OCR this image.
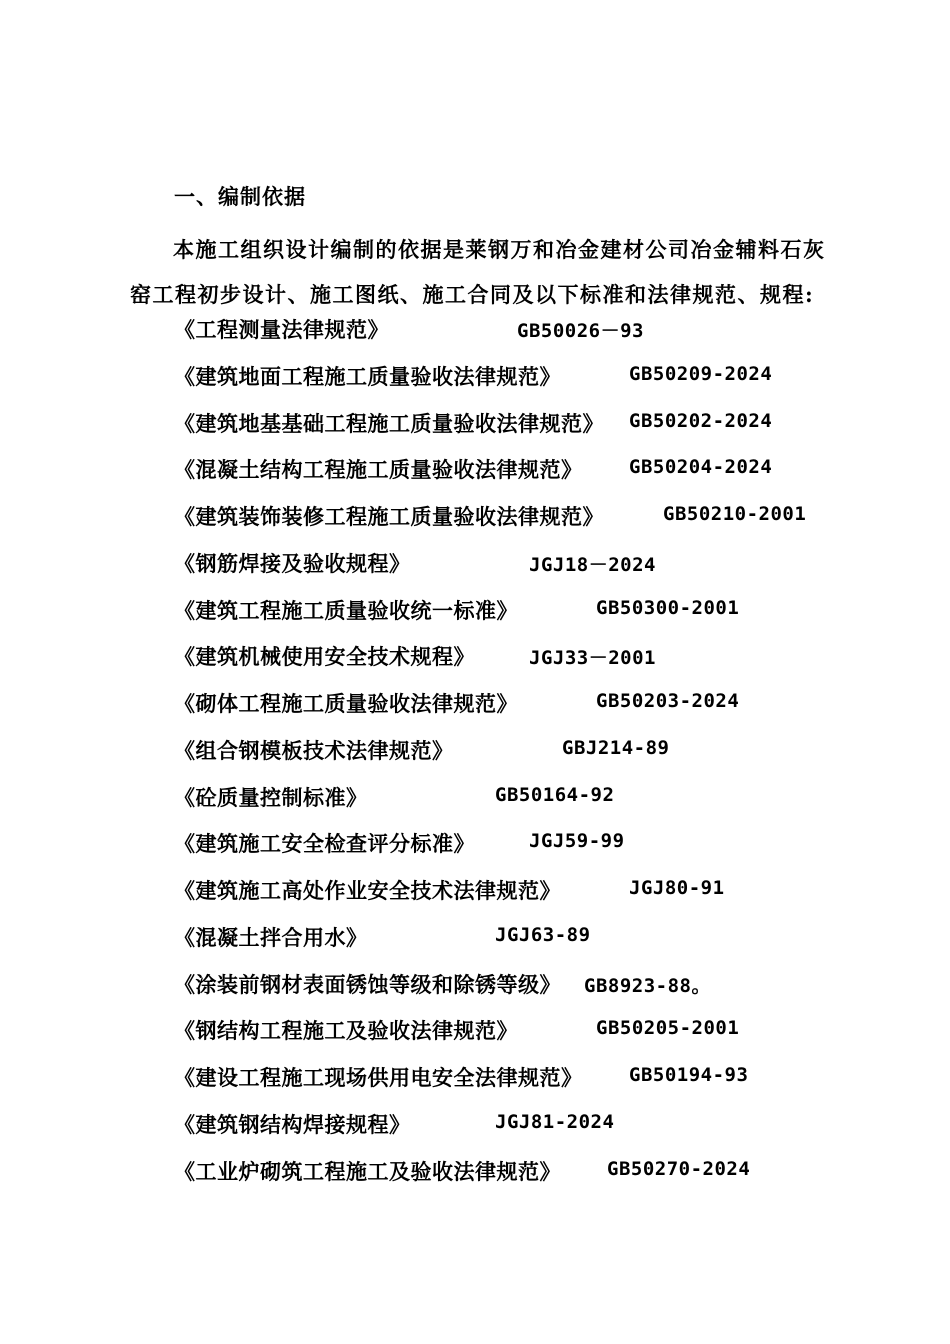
一、编制依据
本施工组织设计编制的依据是莱钢万和冶金建材公司冶金辅料石灰
窑工程初步设计、施工图纸、施工合同及以下标准和法律规范、规程:
《工程测量法律规范》	GB50026－93
《建筑地面工程施工质量验收法律规范》	GB50209-2024
《建筑地基基础工程施工质量验收法律规范》 GB50202-2024
《混凝土结构工程施工质量验收法律规范》 GB50204-2024
《建筑装饰装修工程施工质量验收法律规范》	GB50210-2001
《钢筋焊接及验收规程》	JGJ18－2024
《建筑工程施工质量验收统一标准》	GB50300-2001
《建筑机械使用安全技术规程》	JGJ33－2001
《砌体工程施工质量验收法律规范》	GB50203-2024
《组合钢模板技术法律规范》	GBJ214-89
《砼质量控制标准》	GB50164-92
《建筑施工安全检查评分标准》	JGJ59-99
《建筑施工高处作业安全技术法律规范》	JGJ80-91
《混凝土拌合用水》	JGJ63-89
《涂装前钢材表面锈蚀等级和除锈等级》 GB8923-88。
《钢结构工程施工及验收法律规范》	GB50205-2001
《建设工程施工现场供用电安全法律规范》 GB50194-93
《建筑钢结构焊接规程》	JGJ81-2024
《工业炉砌筑工程施工及验收法律规范》 GB50270-2024
